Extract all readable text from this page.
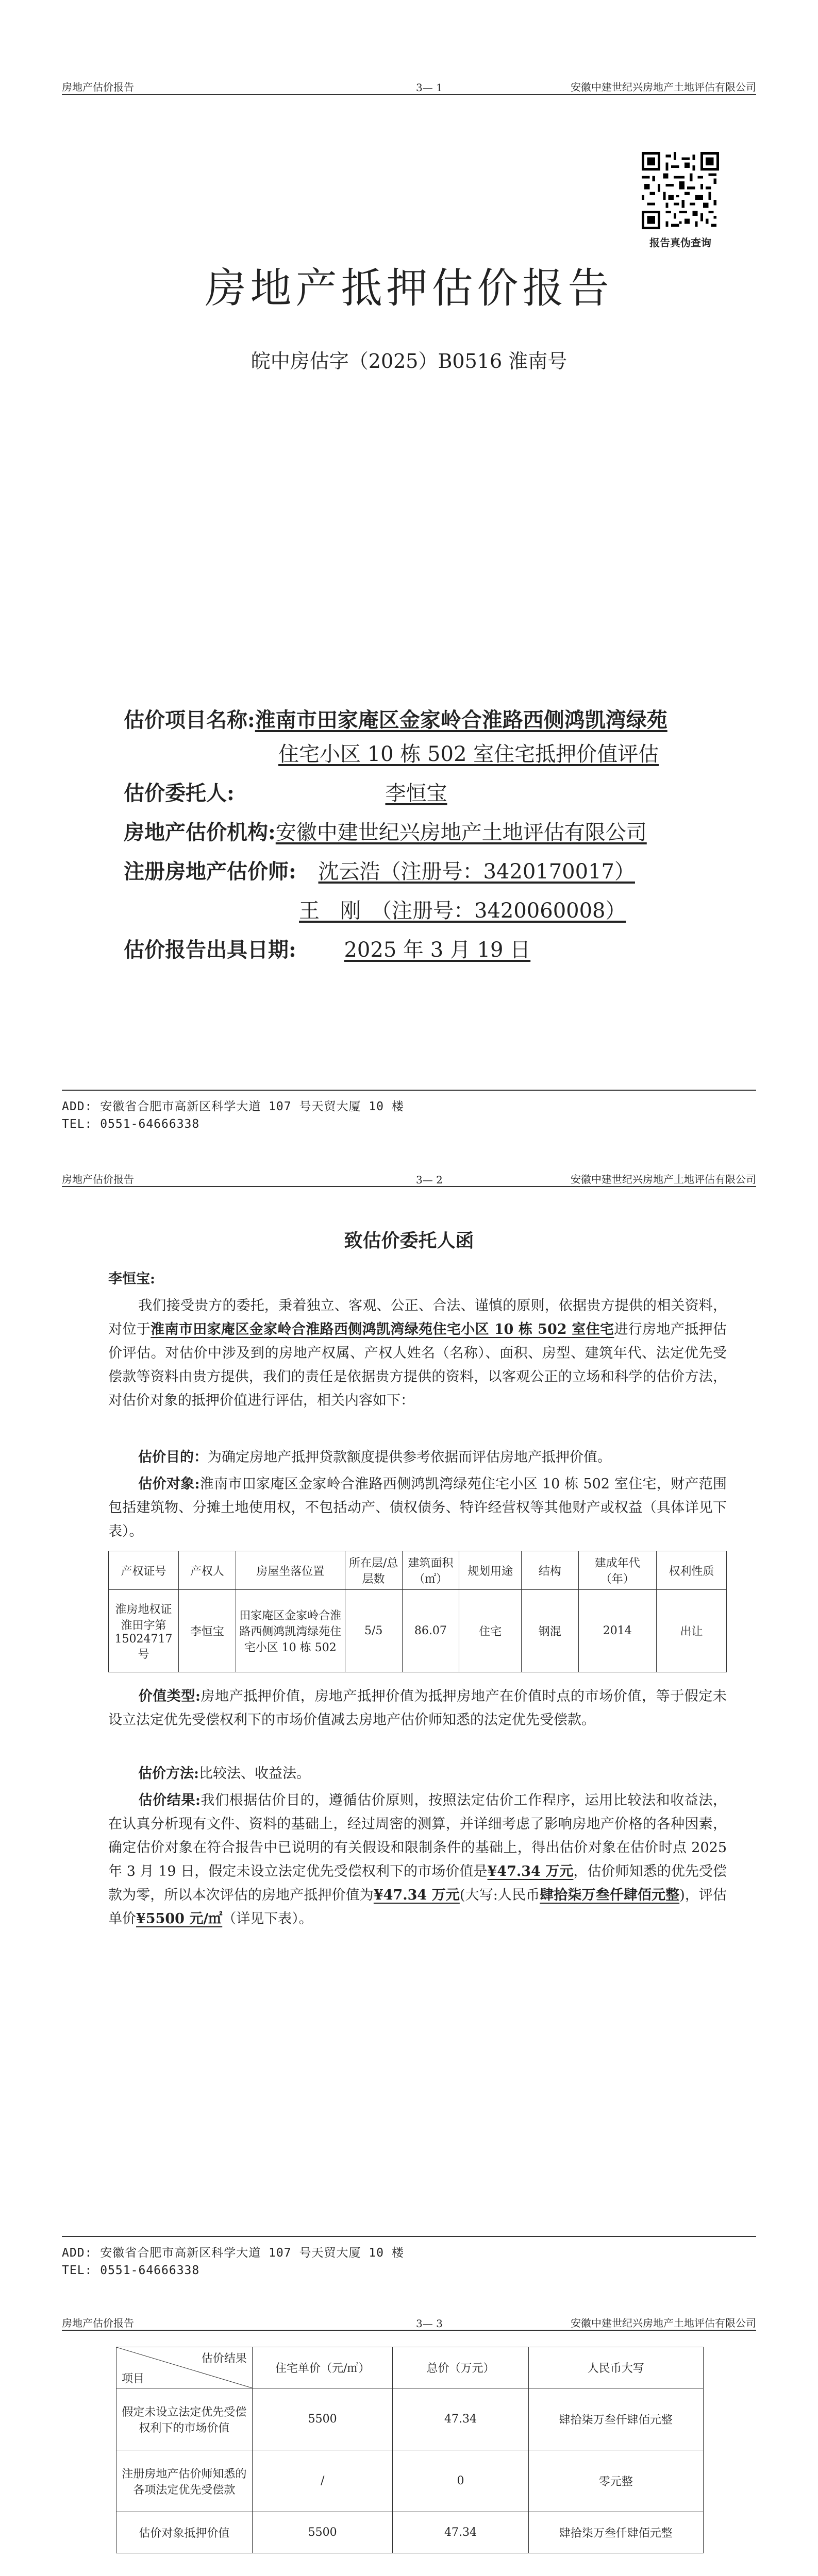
房地产估价报告	3— 1	安徽中建世纪兴房地产土地评估有限公司
报告真伪查询
房地产抵押估价报告
皖中房估字（2025）B0516 淮南号
估价项目名称:淮南市田家庵区金家岭合淮路西侧鸿凯湾绿苑
住宅小区 10 栋 502 室住宅抵押价值评估
估价委托人:	李恒宝
房地产估价机构:安徽中建世纪兴房地产土地评估有限公司
注册房地产估价师: 沈云浩（注册号：3420170017）
王　刚　（注册号：3420060008）
估价报告出具日期: 2025 年 3 月 19 日
ADD: 安徽省合肥市高新区科学大道 107 号天贸大厦 10 楼
TEL: 0551-64666338
房地产估价报告	3— 2	安徽中建世纪兴房地产土地评估有限公司
致估价委托人函
李恒宝:
我们接受贵方的委托，秉着独立、客观、公正、合法、谨慎的原则，依据贵方提供的相关资料，对位于淮南市田家庵区金家岭合淮路西侧鸿凯湾绿苑住宅小区 10 栋 502 室住宅进行房地产抵押估价评估。对估价中涉及到的房地产权属、产权人姓名（名称）、面积、房型、建筑年代、法定优先受偿款等资料由贵方提供，我们的责任是依据贵方提供的资料，以客观公正的立场和科学的估价方法，对估价对象的抵押价值进行评估，相关内容如下：
估价目的：为确定房地产抵押贷款额度提供参考依据而评估房地产抵押价值。
估价对象:淮南市田家庵区金家岭合淮路西侧鸿凯湾绿苑住宅小区 10 栋 502 室住宅，财产范围包括建筑物、分摊土地使用权，不包括动产、债权债务、特许经营权等其他财产或权益（具体详见下表）。
产权证号	产权人	房屋坐落位置	所在层/总层数	建筑面积（㎡）	规划用途	结构	建成年代（年）	权利性质
淮房地权证淮田字第15024717 号	李恒宝	田家庵区金家岭合淮路西侧鸿凯湾绿苑住宅小区 10 栋 502	5/5	86.07	住宅	钢混	2014	出让
价值类型:房地产抵押价值，房地产抵押价值为抵押房地产在价值时点的市场价值，等于假定未设立法定优先受偿权利下的市场价值减去房地产估价师知悉的法定优先受偿款。
估价方法:比较法、收益法。
估价结果:我们根据估价目的，遵循估价原则，按照法定估价工作程序，运用比较法和收益法，在认真分析现有文件、资料的基础上，经过周密的测算，并详细考虑了影响房地产价格的各种因素，确定估价对象在符合报告中已说明的有关假设和限制条件的基础上，得出估价对象在估价时点 2025 年 3 月 19 日，假定未设立法定优先受偿权利下的市场价值是¥47.34 万元，估价师知悉的优先受偿款为零，所以本次评估的房地产抵押价值为¥47.34 万元(大写:人民币肆拾柒万叁仟肆佰元整)，评估单价¥5500 元/㎡（详见下表）。
ADD: 安徽省合肥市高新区科学大道 107 号天贸大厦 10 楼
TEL: 0551-64666338
房地产估价报告	3— 3	安徽中建世纪兴房地产土地评估有限公司
估价结果
项目	住宅单价（元/㎡）	总价（万元）	人民币大写
假定未设立法定优先受偿权利下的市场价值	5500	47.34	肆拾柒万叁仟肆佰元整
注册房地产估价师知悉的各项法定优先受偿款	/	0	零元整
估价对象抵押价值	5500	47.34	肆拾柒万叁仟肆佰元整
